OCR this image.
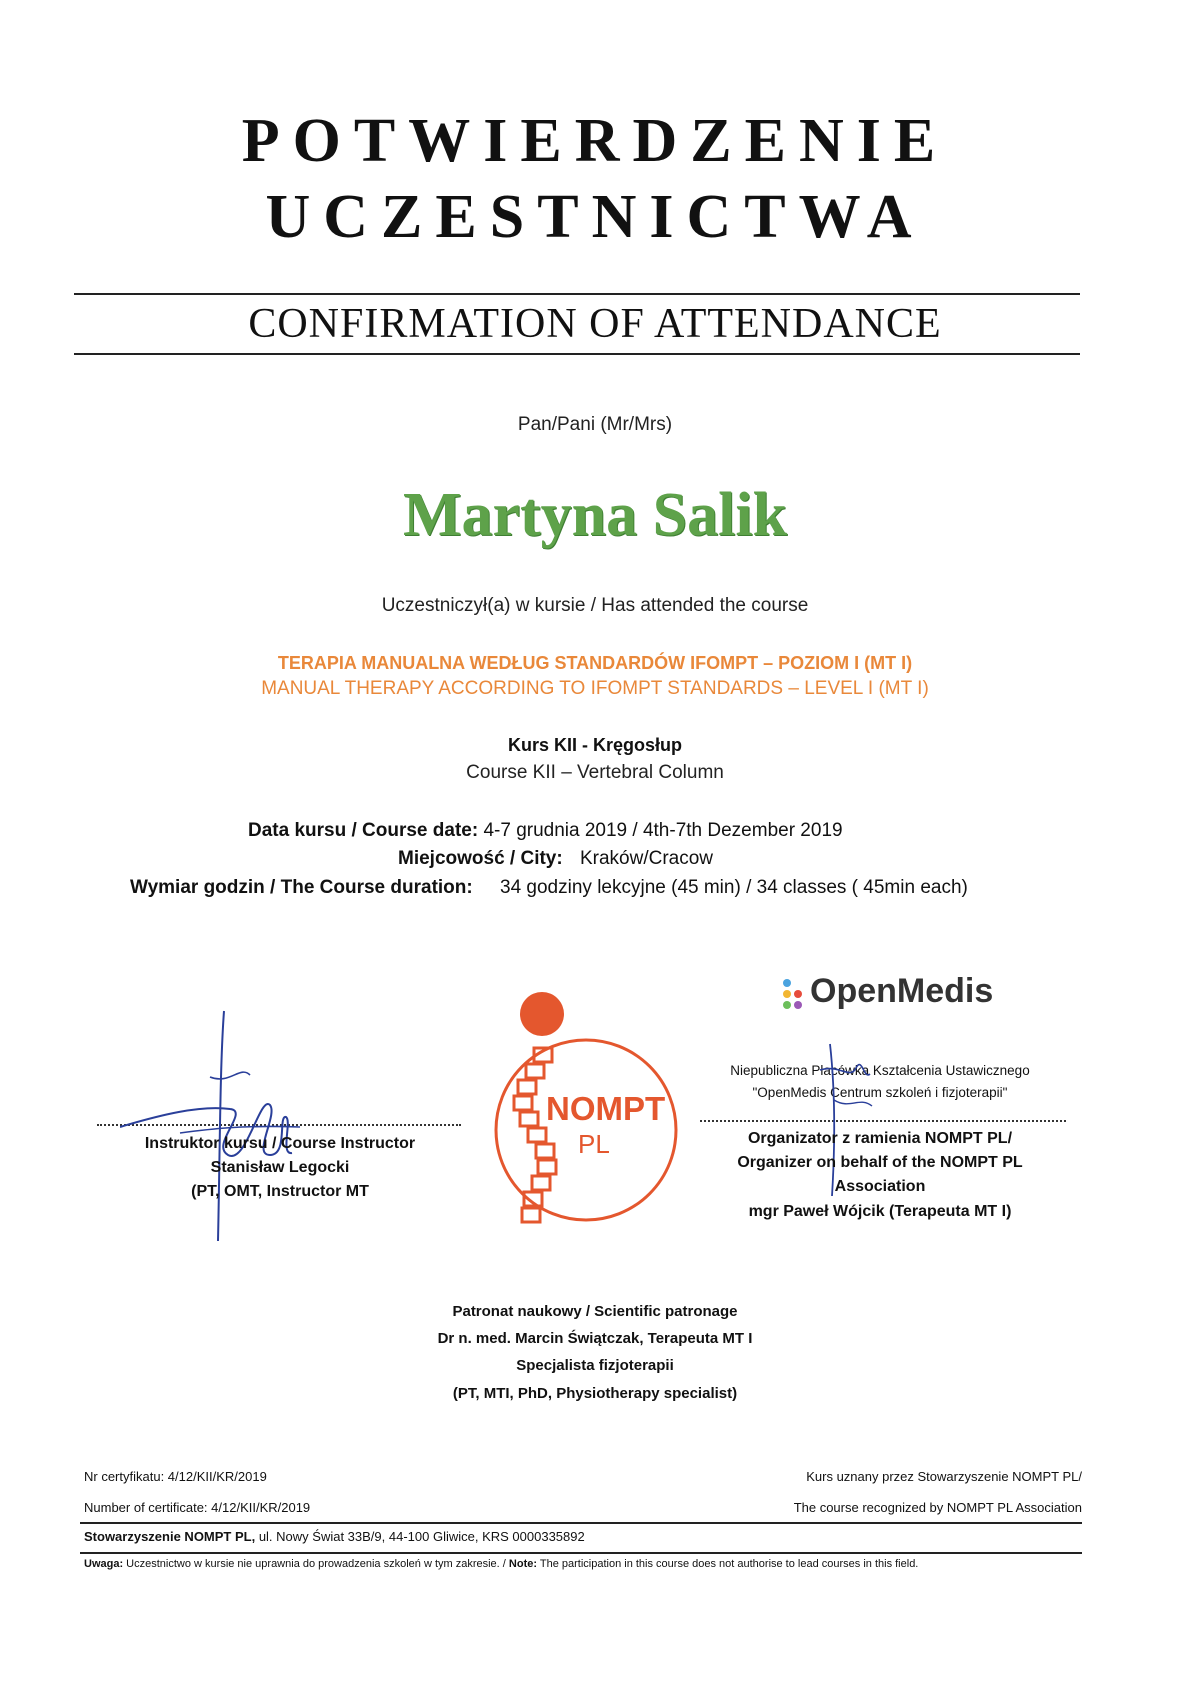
POTWIERDZENIE
UCZESTNICTWA
CONFIRMATION OF ATTENDANCE
Pan/Pani (Mr/Mrs)
Martyna Salik
Uczestniczył(a) w kursie / Has attended the course
TERAPIA MANUALNA WEDŁUG STANDARDÓW IFOMPT – POZIOM I (MT I)
MANUAL THERAPY ACCORDING TO IFOMPT STANDARDS – LEVEL I (MT I)
Kurs KII - Kręgosłup
Course KII – Vertebral Column
Data kursu / Course date: 4-7 grudnia 2019 / 4th-7th Dezember 2019
Miejcowość / City: Kraków/Cracow
Wymiar godzin / The Course duration: 34 godziny lekcyjne (45 min) / 34 classes ( 45min each)
Instruktor kursu / Course Instructor
Stanisław Legocki
(PT, OMT, Instructor MT
NOMPT
PL
OpenMedis
Niepubliczna Placówka Kształcenia Ustawicznego
"OpenMedis Centrum szkoleń i fizjoterapii"
Organizator z ramienia NOMPT PL/
Organizer on behalf of the NOMPT PL
Association
mgr Paweł Wójcik (Terapeuta MT I)
Patronat naukowy / Scientific patronage
Dr n. med. Marcin Świątczak, Terapeuta MT I
Specjalista fizjoterapii
(PT, MTI, PhD, Physiotherapy specialist)
Nr certyfikatu: 4/12/KII/KR/2019
Number of certificate: 4/12/KII/KR/2019
Kurs uznany przez Stowarzyszenie NOMPT PL/
The course recognized by NOMPT PL Association
Stowarzyszenie NOMPT PL, ul. Nowy Świat 33B/9, 44-100 Gliwice, KRS 0000335892
Uwaga: Uczestnictwo w kursie nie uprawnia do prowadzenia szkoleń w tym zakresie. / Note: The participation in this course does not authorise to lead courses in this field.
